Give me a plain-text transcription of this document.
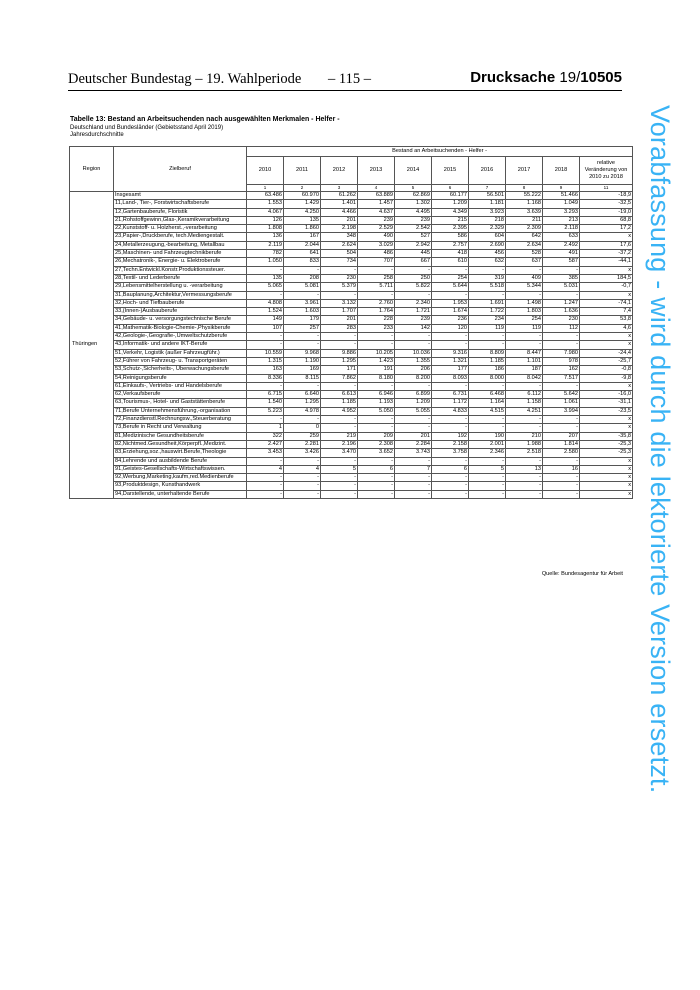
Deutscher Bundestag – 19. Wahlperiode – 115 –	Drucksache 19/10505
Tabelle 13: Bestand an Arbeitsuchenden nach ausgewählten Merkmalen - Helfer -
Deutschland und Bundesländer (Gebietsstand April 2019)
Jahresdurchschnitte
Region	Zielberuf	Bestand an Arbeitsuchenden - Helfer -									
		2010	2011	2012	2013	2014	2015	2016	2017	2018	relative Veränderung von 2010 zu 2018
		1	2	3	4	5	6	7	8	9	11
Thüringen	Insgesamt	63.486	60.970	61.262	63.889	62.869	60.177	56.501	55.222	51.466	-18,9
	11,Land-, Tier-, Forstwirtschaftsberufe	1.553	1.429	1.401	1.457	1.302	1.209	1.181	1.168	1.049	-32,5
	12,Gartenbauberufe, Floristik	4.067	4.250	4.466	4.637	4.495	4.349	3.923	3.639	3.293	-19,0
	21,Rohstoffgewinn,Glas-,Keramikverarbeitung	126	135	201	239	239	215	218	211	213	68,8
	22,Kunststoff- u. Holzherst.,-verarbeitung	1.808	1.860	2.198	2.529	2.542	2.395	2.329	2.309	2.118	17,2
	23,Papier-,Druckberufe, tech.Mediengestalt.	136	167	348	490	527	586	604	642	633	x
	24,Metallerzeugung,-bearbeitung, Metallbau	2.119	2.044	2.624	3.029	2.942	2.757	2.690	2.634	2.492	17,6
	25,Maschinen- und Fahrzeugtechnikberufe	782	641	504	486	445	418	456	528	491	-37,2
	26,Mechatronik-, Energie- u. Elektroberufe	1.050	833	734	707	667	610	632	637	587	-44,1
	27,Techn.Entwickl.Konstr.Produktionssteuer.	-	-	-	-	-	-	-	-	-	x
	28,Textil- und Lederberufe	135	208	230	258	250	254	319	409	385	184,5
	29,Lebensmittelherstellung u. -verarbeitung	5.065	5.081	5.379	5.711	5.822	5.644	5.518	5.344	5.031	-0,7
	31,Bauplanung,Architektur,Vermessungsberufe	-	-	-	-	-	-	-	-	-	x
	32,Hoch- und Tiefbauberufe	4.808	3.961	3.132	2.760	2.340	1.953	1.691	1.498	1.247	-74,1
	33,(Innen-)Ausbauberufe	1.524	1.603	1.707	1.764	1.721	1.674	1.722	1.803	1.636	7,4
	34,Gebäude- u. versorgungstechnische Berufe	149	179	201	228	239	236	234	254	230	53,8
	41,Mathematik-Biologie-Chemie-,Physikberufe	107	257	283	233	142	120	119	119	112	4,6
	42,Geologie-,Geografie-,Umweltschutzberufe	-	-	-	-	-	-	-	-	-	x
	43,Informatik- und andere IKT-Berufe	-	-	-	-	-	-	-	-	-	x
	51,Verkehr, Logistik (außer Fahrzeugführ.)	10.559	9.968	9.886	10.205	10.036	9.316	8.809	8.447	7.980	-24,4
	52,Führer von Fahrzeug- u. Transportgeräten	1.315	1.190	1.295	1.423	1.355	1.321	1.185	1.101	978	-25,7
	53,Schutz-,Sicherheits-, Überwachungsberufe	163	169	171	191	206	177	186	187	162	-0,8
	54,Reinigungsberufe	8.336	8.115	7.862	8.180	8.200	8.093	8.000	8.042	7.517	-9,8
	61,Einkaufs-, Vertriebs- und Handelsberufe	-	-	-	-	-	-	-	-	-	x
	62,Verkaufsberufe	6.715	6.640	6.613	6.946	6.899	6.731	6.468	6.112	5.642	-16,0
	63,Tourismus-, Hotel- und Gaststättenberufe	1.540	1.295	1.185	1.193	1.209	1.172	1.164	1.158	1.061	-31,1
	71,Berufe Unternehmensführung,-organisation	5.223	4.978	4.952	5.050	5.055	4.833	4.515	4.251	3.994	-23,5
	72,Finanzdienstl.Rechnungsw.,Steuerberatung	-	-	-	-	-	-	-	-	-	x
	73,Berufe in Recht und Verwaltung	1	0	-	-	-	-	-	-	-	x
	81,Medizinische Gesundheitsberufe	322	259	219	209	201	192	190	210	207	-35,8
	82,Nichtmed.Gesundheit,Körperpfl.,Medizint.	2.427	2.281	2.196	2.308	2.284	2.158	2.001	1.988	1.814	-25,3
	83,Erziehung,soz.,hauswirt.Berufe,Theologie	3.453	3.426	3.470	3.652	3.743	3.758	2.346	2.518	2.580	-25,3
	84,Lehrende und ausbildende Berufe	-	-	-	-	-	-	-	-	-	x
	91,Geistes-Gesellschafts-Wirtschaftswissen.	4	4	5	6	7	6	5	13	16	x
	92,Werbung,Marketing,kaufm,red.Medienberufe	-	-	-	-	-	-	-	-	-	x
	93,Produktdesign, Kunsthandwerk	-	-	-	-	-	-	-	-	-	x
	94,Darstellende, unterhaltende Berufe	-	-	-	-	-	-	-	-	-	x
Quelle: Bundesagentur für Arbeit Vorabfassung - wird durch die lektorierte Version ersetzt.
